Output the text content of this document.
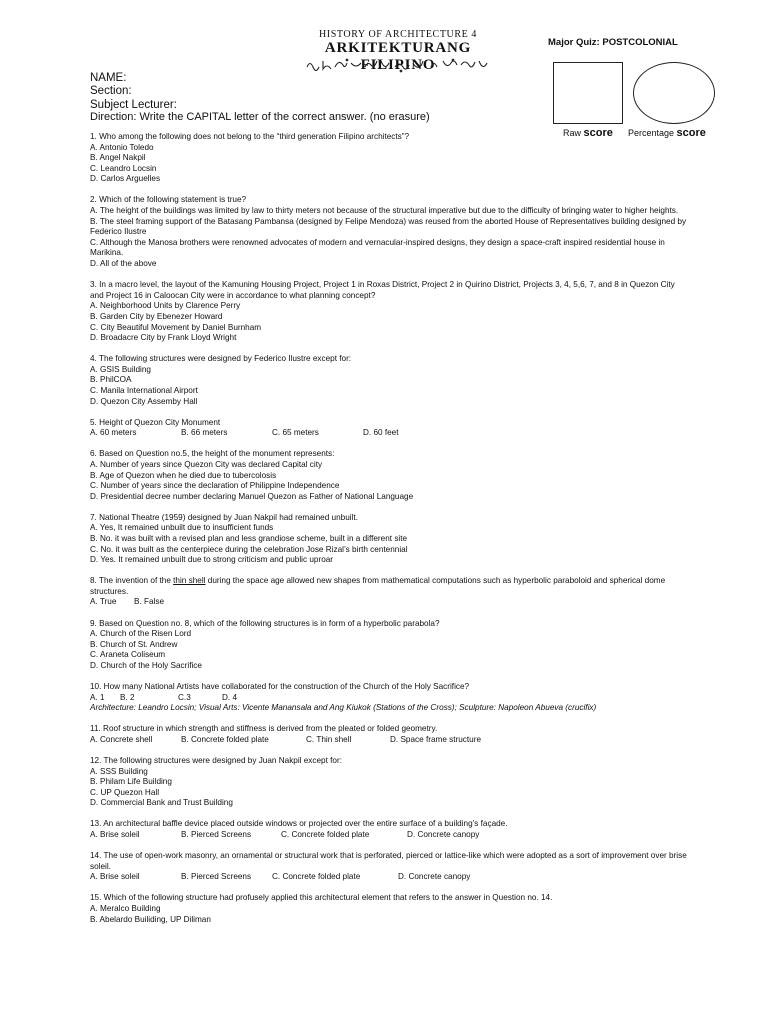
HISTORY OF ARCHITECTURE 4
ARKITEKTURANG FILIPINO
Major Quiz: POSTCOLONIAL
Raw score Percentage score
NAME:
Section:
Subject Lecturer:
Direction: Write the CAPITAL letter of the correct answer. (no erasure)
1. Who among the following does not belong to the “third generation Filipino architects”?
A. Antonio Toledo
B. Angel Nakpil
C. Leandro Locsin
D. Carlos Arguelles
2. Which of the following statement is true?
A. The height of the buildings was limited by law to thirty meters not because of the structural imperative but due to the difficulty of bringing water to higher heights.
B. The steel framing support of the Batasang Pambansa (designed by Felipe Mendoza) was reused from the aborted House of Representatives building designed by Federico Ilustre
C. Although the Manosa brothers were renowned advocates of modern and vernacular-inspired designs, they design a space-craft inspired residential house in Marikina.
D. All of the above
3. In a macro level, the layout of the Kamuning Housing Project, Project 1 in Roxas District, Project 2 in Quirino District, Projects 3, 4, 5,6, 7, and 8 in Quezon City and Project 16 in Caloocan City were in accordance to what planning concept?
A. Neighborhood Units by Clarence Perry
B. Garden City by Ebenezer Howard
C. City Beautiful Movement by Daniel Burnham
D. Broadacre City by Frank Lloyd Wright
4. The following structures were designed by Federico Ilustre except for:
A. GSIS Building
B. PhilCOA
C. Manila International Airport
D. Quezon City Assemby Hall
5. Height of Quezon City Monument
A. 60 meters	B. 66 meters	C. 65 meters	D. 60 feet
6. Based on Question no.5, the height of the monument represents:
A. Number of years since Quezon City was declared Capital city
B. Age of Quezon when he died due to tubercolosis
C. Number of years since the declaration of Philippine Independence
D. Presidential decree number declaring Manuel Quezon as Father of National Language
7. National Theatre (1959) designed by Juan Nakpil had remained unbuilt.
A. Yes, It remained unbuilt due to insufficient funds
B. No. it was built with a revised plan and less grandiose scheme, built in a different site
C. No. it was built as the centerpiece during the celebration Jose Rizal’s birth centennial
D. Yes. It remained unbuilt due to strong criticism and public uproar
8. The invention of the thin shell during the space age allowed new shapes from mathematical computations such as hyperbolic paraboloid and spherical dome structures.
A. True B. False
9. Based on Question no. 8, which of the following structures is in form of a hyperbolic parabola?
A. Church of the Risen Lord
B. Church of St. Andrew
C. Araneta Coliseum
D. Church of the Holy Sacrifice
10. How many National Artists have collaborated for the construction of the Church of the Holy Sacrifice?
A. 1 B. 2	C.3	D. 4
Architecture: Leandro Locsin; Visual Arts: Vicente Manansala and Ang Kiukok (Stations of the Cross); Sculpture: Napoleon Abueva (crucifix)
11. Roof structure in which strength and stiffness is derived from the pleated or folded geometry.
A. Concrete shell	B. Concrete folded plate	C. Thin shell	D. Space frame structure
12. The following structures were designed by Juan Nakpil except for:
A. SSS Building
B. Philam Life Building
C. UP Quezon Hall
D. Commercial Bank and Trust Building
13. An architectural baffle device placed outside windows or projected over the entire surface of a building’s façade.
A. Brise soleil	B. Pierced Screens	C. Concrete folded plate	D. Concrete canopy
14. The use of open-work masonry, an ornamental or structural work that is perforated, pierced or lattice-like which were adopted as a sort of improvement over brise soleil.
A. Brise soleil	B. Pierced Screens	C. Concrete folded plate	D. Concrete canopy
15. Which of the following structure had profusely applied this architectural element that refers to the answer in Question no. 14.
A. Meralco Building
B. Abelardo Builiding, UP Diliman
